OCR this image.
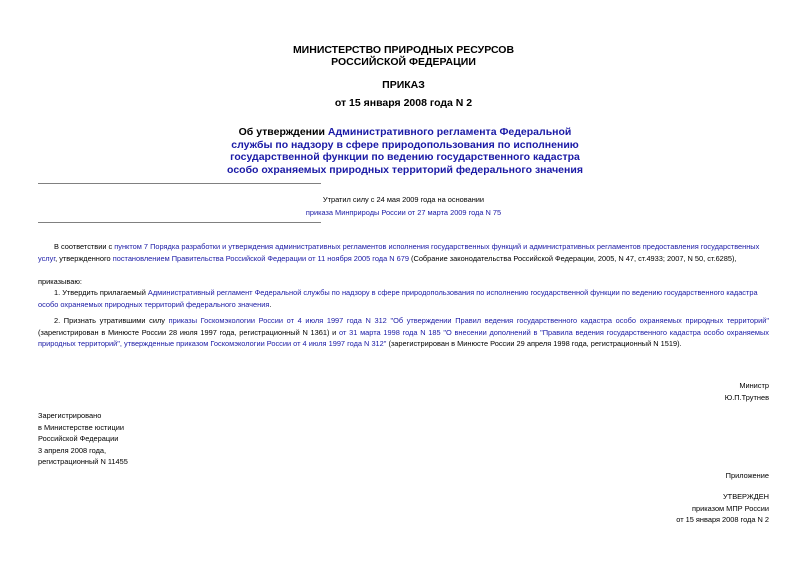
МИНИСТЕРСТВО ПРИРОДНЫХ РЕСУРСОВ
РОССИЙСКОЙ ФЕДЕРАЦИИ
ПРИКАЗ
от 15 января 2008 года N 2
Об утверждении Административного регламента Федеральной
службы по надзору в сфере природопользования по исполнению
государственной функции по ведению государственного кадастра
особо охраняемых природных территорий федерального значения
Утратил силу с 24 мая 2009 года на основании
приказа Минприроды России от 27 марта 2009 года N 75
В соответствии с пунктом 7 Порядка разработки и утверждения административных регламентов исполнения государственных функций и административных регламентов предоставления государственных услуг, утвержденного постановлением Правительства Российской Федерации от 11 ноября 2005 года N 679 (Собрание законодательства Российской Федерации, 2005, N 47, ст.4933; 2007, N 50, ст.6285),
приказываю:
1. Утвердить прилагаемый Административный регламент Федеральной службы по надзору в сфере природопользования по исполнению государственной функции по ведению государственного кадастра особо охраняемых природных территорий федерального значения.
2. Признать утратившими силу приказы Госкомэкологии России от 4 июля 1997 года N 312 "Об утверждении Правил ведения государственного кадастра особо охраняемых природных территорий" (зарегистрирован в Минюсте России 28 июля 1997 года, регистрационный N 1361) и от 31 марта 1998 года N 185 "О внесении дополнений в "Правила ведения государственного кадастра особо охраняемых природных территорий", утвержденные приказом Госкомэкологии России от 4 июля 1997 года N 312" (зарегистрирован в Минюсте России 29 апреля 1998 года, регистрационный N 1519).
Министр
Ю.П.Трутнев
Зарегистрировано
в Министерстве юстиции
Российской Федерации
3 апреля 2008 года,
регистрационный N 11455
Приложение
УТВЕРЖДЕН
приказом МПР России
от 15 января 2008 года N 2
